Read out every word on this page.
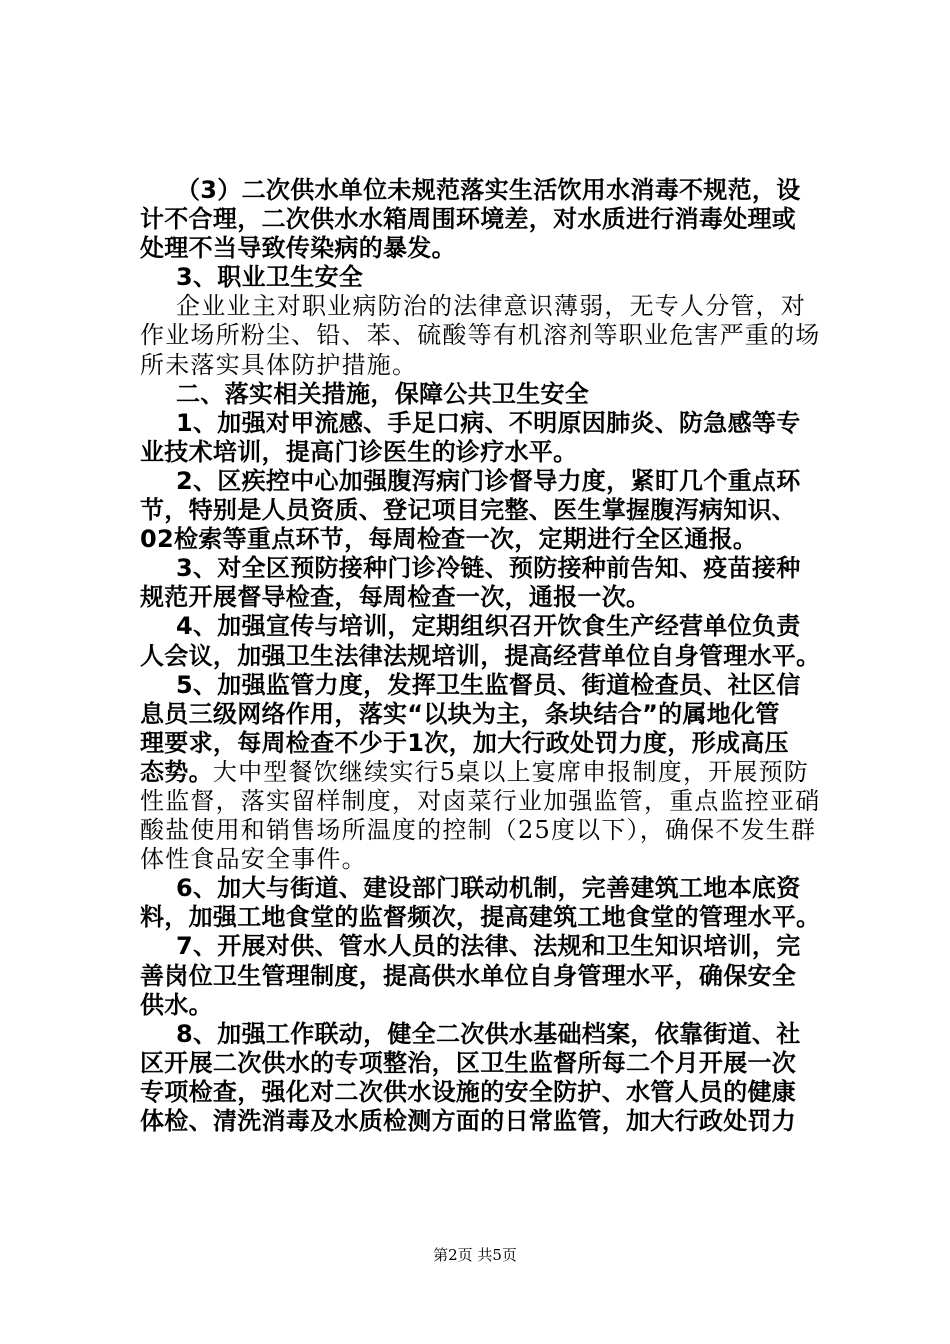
（3）二次供水单位未规范落实生活饮用水消毒不规范，设
计不合理，二次供水水箱周围环境差，对水质进行消毒处理或
处理不当导致传染病的暴发。
3、职业卫生安全
企业业主对职业病防治的法律意识薄弱，无专人分管，对
作业场所粉尘、铅、苯、硫酸等有机溶剂等职业危害严重的场
所未落实具体防护措施。
二、落实相关措施，保障公共卫生安全
1、加强对甲流感、手足口病、不明原因肺炎、防急感等专
业技术培训，提高门诊医生的诊疗水平。
2、区疾控中心加强腹泻病门诊督导力度，紧盯几个重点环
节，特别是人员资质、登记项目完整、医生掌握腹泻病知识、
02检索等重点环节，每周检查一次，定期进行全区通报。
3、对全区预防接种门诊冷链、预防接种前告知、疫苗接种
规范开展督导检查，每周检查一次，通报一次。
4、加强宣传与培训，定期组织召开饮食生产经营单位负责
人会议，加强卫生法律法规培训，提高经营单位自身管理水平。
5、加强监管力度，发挥卫生监督员、街道检查员、社区信
息员三级网络作用，落实“以块为主，条块结合”的属地化管
理要求，每周检查不少于1次，加大行政处罚力度，形成高压
态势。大中型餐饮继续实行5桌以上宴席申报制度，开展预防
性监督，落实留样制度，对卤菜行业加强监管，重点监控亚硝
酸盐使用和销售场所温度的控制（25度以下），确保不发生群
体性食品安全事件。
6、加大与街道、建设部门联动机制，完善建筑工地本底资
料，加强工地食堂的监督频次，提高建筑工地食堂的管理水平。
7、开展对供、管水人员的法律、法规和卫生知识培训，完
善岗位卫生管理制度，提高供水单位自身管理水平，确保安全
供水。
8、加强工作联动，健全二次供水基础档案，依靠街道、社
区开展二次供水的专项整治，区卫生监督所每二个月开展一次
专项检查，强化对二次供水设施的安全防护、水管人员的健康
体检、清洗消毒及水质检测方面的日常监管，加大行政处罚力
第2页 共5页
